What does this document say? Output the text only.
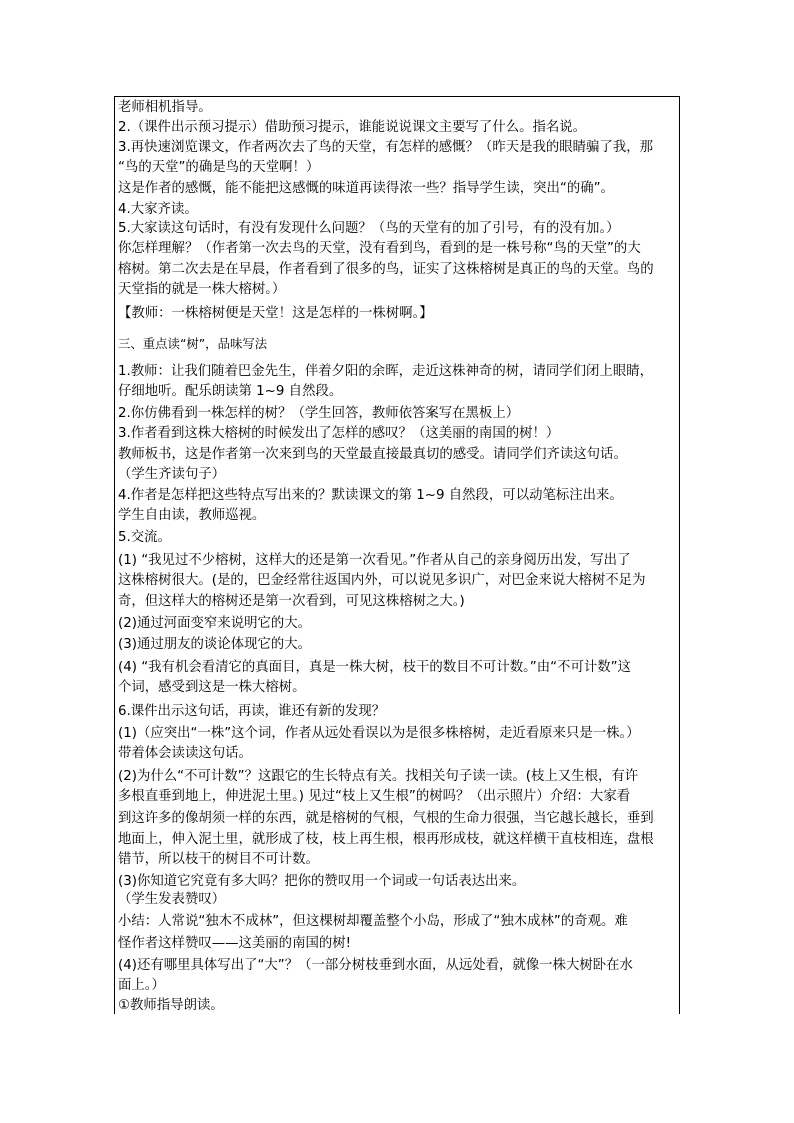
老师相机指导。
2.（课件出示预习提示）借助预习提示，谁能说说课文主要写了什么。指名说。
3.再快速浏览课文，作者两次去了鸟的天堂，有怎样的感慨？（昨天是我的眼睛骗了我，那
“鸟的天堂”的确是鸟的天堂啊！）
这是作者的感慨，能不能把这感慨的味道再读得浓一些？指导学生读，突出“的确”。
4.大家齐读。
5.大家读这句话时，有没有发现什么问题？（鸟的天堂有的加了引号，有的没有加。）
你怎样理解？（作者第一次去鸟的天堂，没有看到鸟，看到的是一株号称“鸟的天堂”的大
榕树。第二次去是在早晨，作者看到了很多的鸟，证实了这株榕树是真正的鸟的天堂。鸟的
天堂指的就是一株大榕树。）
【教师：一株榕树便是天堂！这是怎样的一株树啊。】
三、重点读“树”，品味写法
1.教师：让我们随着巴金先生，伴着夕阳的余晖，走近这株神奇的树，请同学们闭上眼睛，
仔细地听。配乐朗读第 1~9 自然段。
2.你仿佛看到一株怎样的树？（学生回答，教师依答案写在黑板上）
3.作者看到这株大榕树的时候发出了怎样的感叹？（这美丽的南国的树！）
教师板书，这是作者第一次来到鸟的天堂最直接最真切的感受。请同学们齐读这句话。
（学生齐读句子）
4.作者是怎样把这些特点写出来的？默读课文的第 1~9 自然段，可以动笔标注出来。
学生自由读，教师巡视。
5.交流。
(1) “我见过不少榕树，这样大的还是第一次看见。”作者从自己的亲身阅历出发，写出了
这株榕树很大。(是的，巴金经常往返国内外，可以说见多识广，对巴金来说大榕树不足为
奇，但这样大的榕树还是第一次看到，可见这株榕树之大。)
(2)通过河面变窄来说明它的大。
(3)通过朋友的谈论体现它的大。
(4) “我有机会看清它的真面目，真是一株大树，枝干的数目不可计数。”由“不可计数”这
个词，感受到这是一株大榕树。
6.课件出示这句话，再读，谁还有新的发现？
(1)（应突出“一株”这个词，作者从远处看误以为是很多株榕树，走近看原来只是一株。）
带着体会读读这句话。
(2)为什么“不可计数”？这跟它的生长特点有关。找相关句子读一读。(枝上又生根，有许
多根直垂到地上，伸进泥土里。) 见过“枝上又生根”的树吗？（出示照片）介绍：大家看
到这许多的像胡须一样的东西，就是榕树的气根，气根的生命力很强，当它越长越长，垂到
地面上，伸入泥土里，就形成了枝，枝上再生根，根再形成枝，就这样横干直枝相连，盘根
错节，所以枝干的树目不可计数。
(3)你知道它究竟有多大吗？把你的赞叹用一个词或一句话表达出来。
（学生发表赞叹）
小结：人常说“独木不成林”，但这棵树却覆盖整个小岛，形成了“独木成林”的奇观。难
怪作者这样赞叹——这美丽的南国的树!
(4)还有哪里具体写出了“大”？（一部分树枝垂到水面，从远处看，就像一株大树卧在水
面上。）
①教师指导朗读。
